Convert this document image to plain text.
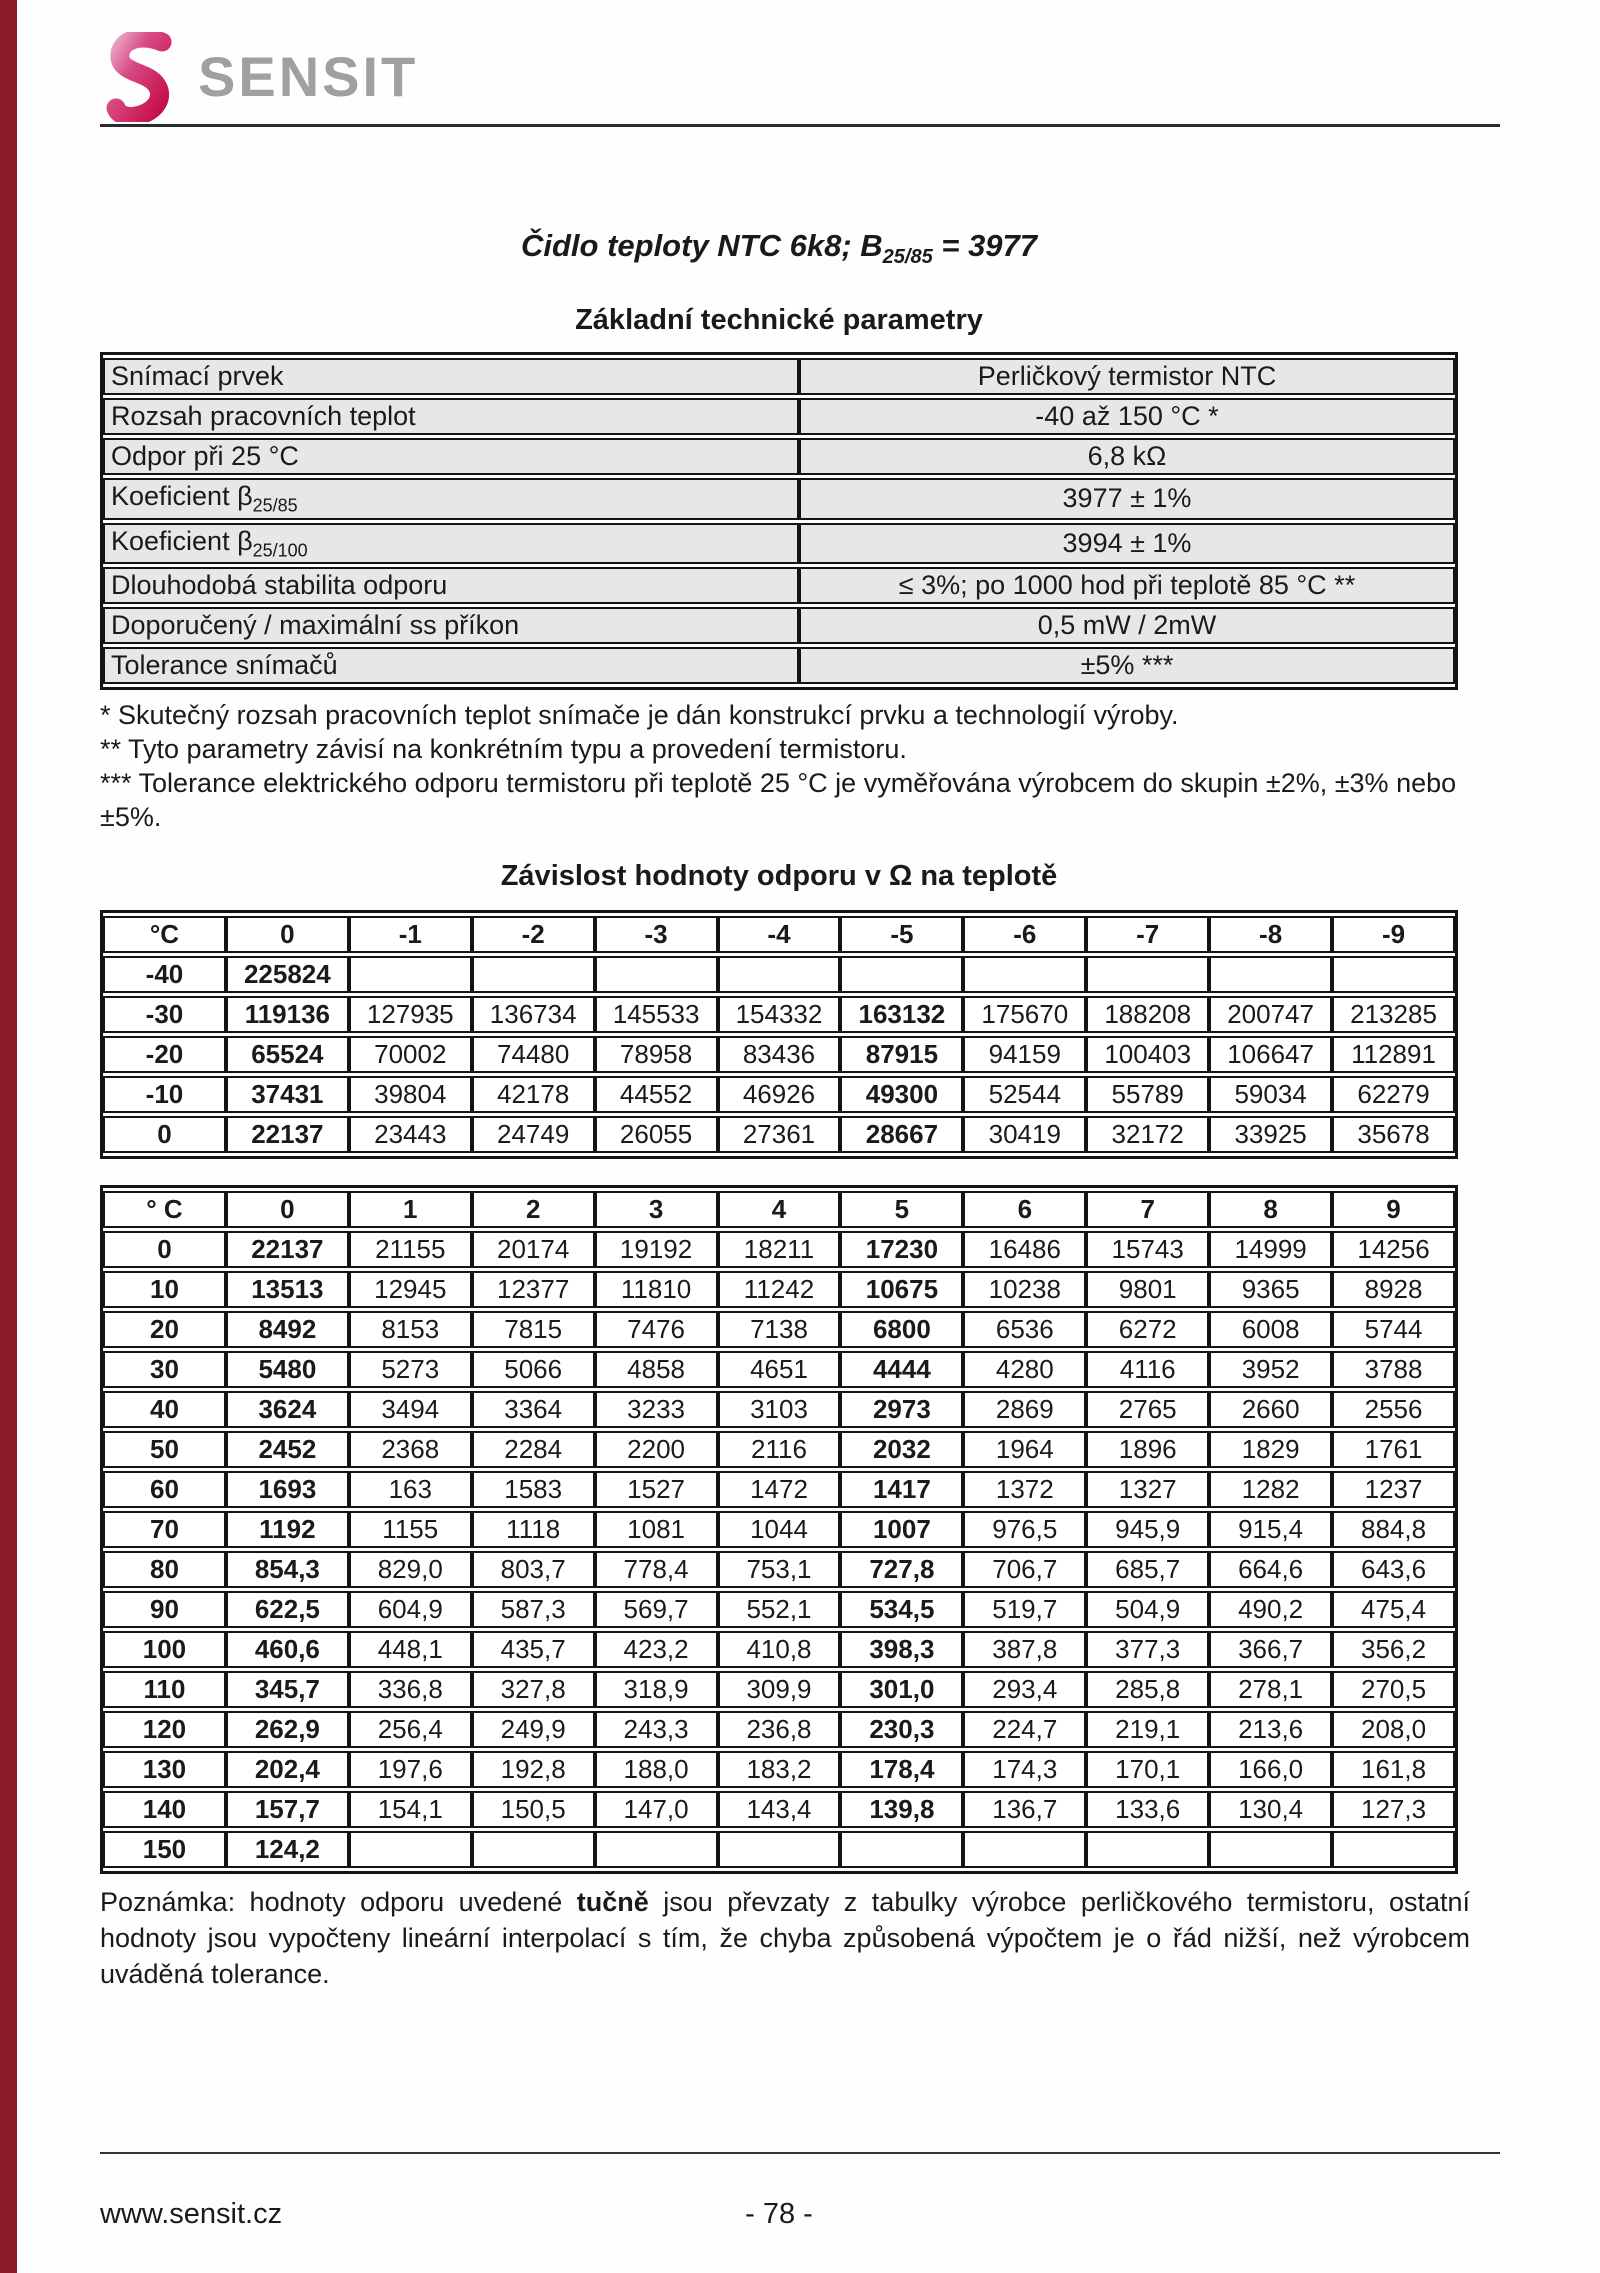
SENSIT
Čidlo teploty NTC 6k8; $B_{25/85} = 3977$
Základní technické parametry
Snímací prvek	Perličkový termistor NTC
Rozsah pracovních teplot	-40 až 150 °C *
Odpor při 25 °C	6,8 kΩ
Koeficient $\beta_{25/85}$	3977 ± 1%
Koeficient $\beta_{25/100}$	3994 ± 1%
Dlouhodobá stabilita odporu	≤ 3%; po 1000 hod při teplotě 85 °C **
Doporučený / maximální ss příkon	0,5 mW / 2mW
Tolerance snímačů	±5% ***
* Skutečný rozsah pracovních teplot snímače je dán konstrukcí prvku a technologií výroby.
** Tyto parametry závisí na konkrétním typu a provedení termistoru.
*** Tolerance elektrického odporu termistoru při teplotě 25 °C je vyměřována výrobcem do skupin ±2%, ±3% nebo ±5%.
Závislost hodnoty odporu v Ω na teplotě
°C	0	-1	-2	-3	-4	-5	-6	-7	-8	-9
-40	225824									
-30	119136	127935	136734	145533	154332	163132	175670	188208	200747	213285
-20	65524	70002	74480	78958	83436	87915	94159	100403	106647	112891
-10	37431	39804	42178	44552	46926	49300	52544	55789	59034	62279
0	22137	23443	24749	26055	27361	28667	30419	32172	33925	35678
° C	0	1	2	3	4	5	6	7	8	9
0	22137	21155	20174	19192	18211	17230	16486	15743	14999	14256
10	13513	12945	12377	11810	11242	10675	10238	9801	9365	8928
20	8492	8153	7815	7476	7138	6800	6536	6272	6008	5744
30	5480	5273	5066	4858	4651	4444	4280	4116	3952	3788
40	3624	3494	3364	3233	3103	2973	2869	2765	2660	2556
50	2452	2368	2284	2200	2116	2032	1964	1896	1829	1761
60	1693	163	1583	1527	1472	1417	1372	1327	1282	1237
70	1192	1155	1118	1081	1044	1007	976,5	945,9	915,4	884,8
80	854,3	829,0	803,7	778,4	753,1	727,8	706,7	685,7	664,6	643,6
90	622,5	604,9	587,3	569,7	552,1	534,5	519,7	504,9	490,2	475,4
100	460,6	448,1	435,7	423,2	410,8	398,3	387,8	377,3	366,7	356,2
110	345,7	336,8	327,8	318,9	309,9	301,0	293,4	285,8	278,1	270,5
120	262,9	256,4	249,9	243,3	236,8	230,3	224,7	219,1	213,6	208,0
130	202,4	197,6	192,8	188,0	183,2	178,4	174,3	170,1	166,0	161,8
140	157,7	154,1	150,5	147,0	143,4	139,8	136,7	133,6	130,4	127,3
150	124,2									
Poznámka: hodnoty odporu uvedené tučně jsou převzaty z tabulky výrobce perličkového termistoru, ostatní hodnoty jsou vypočteny lineární interpolací s tím, že chyba způsobená výpočtem je o řád nižší, než výrobcem uváděná tolerance.
- 78 -
www.sensit.cz
